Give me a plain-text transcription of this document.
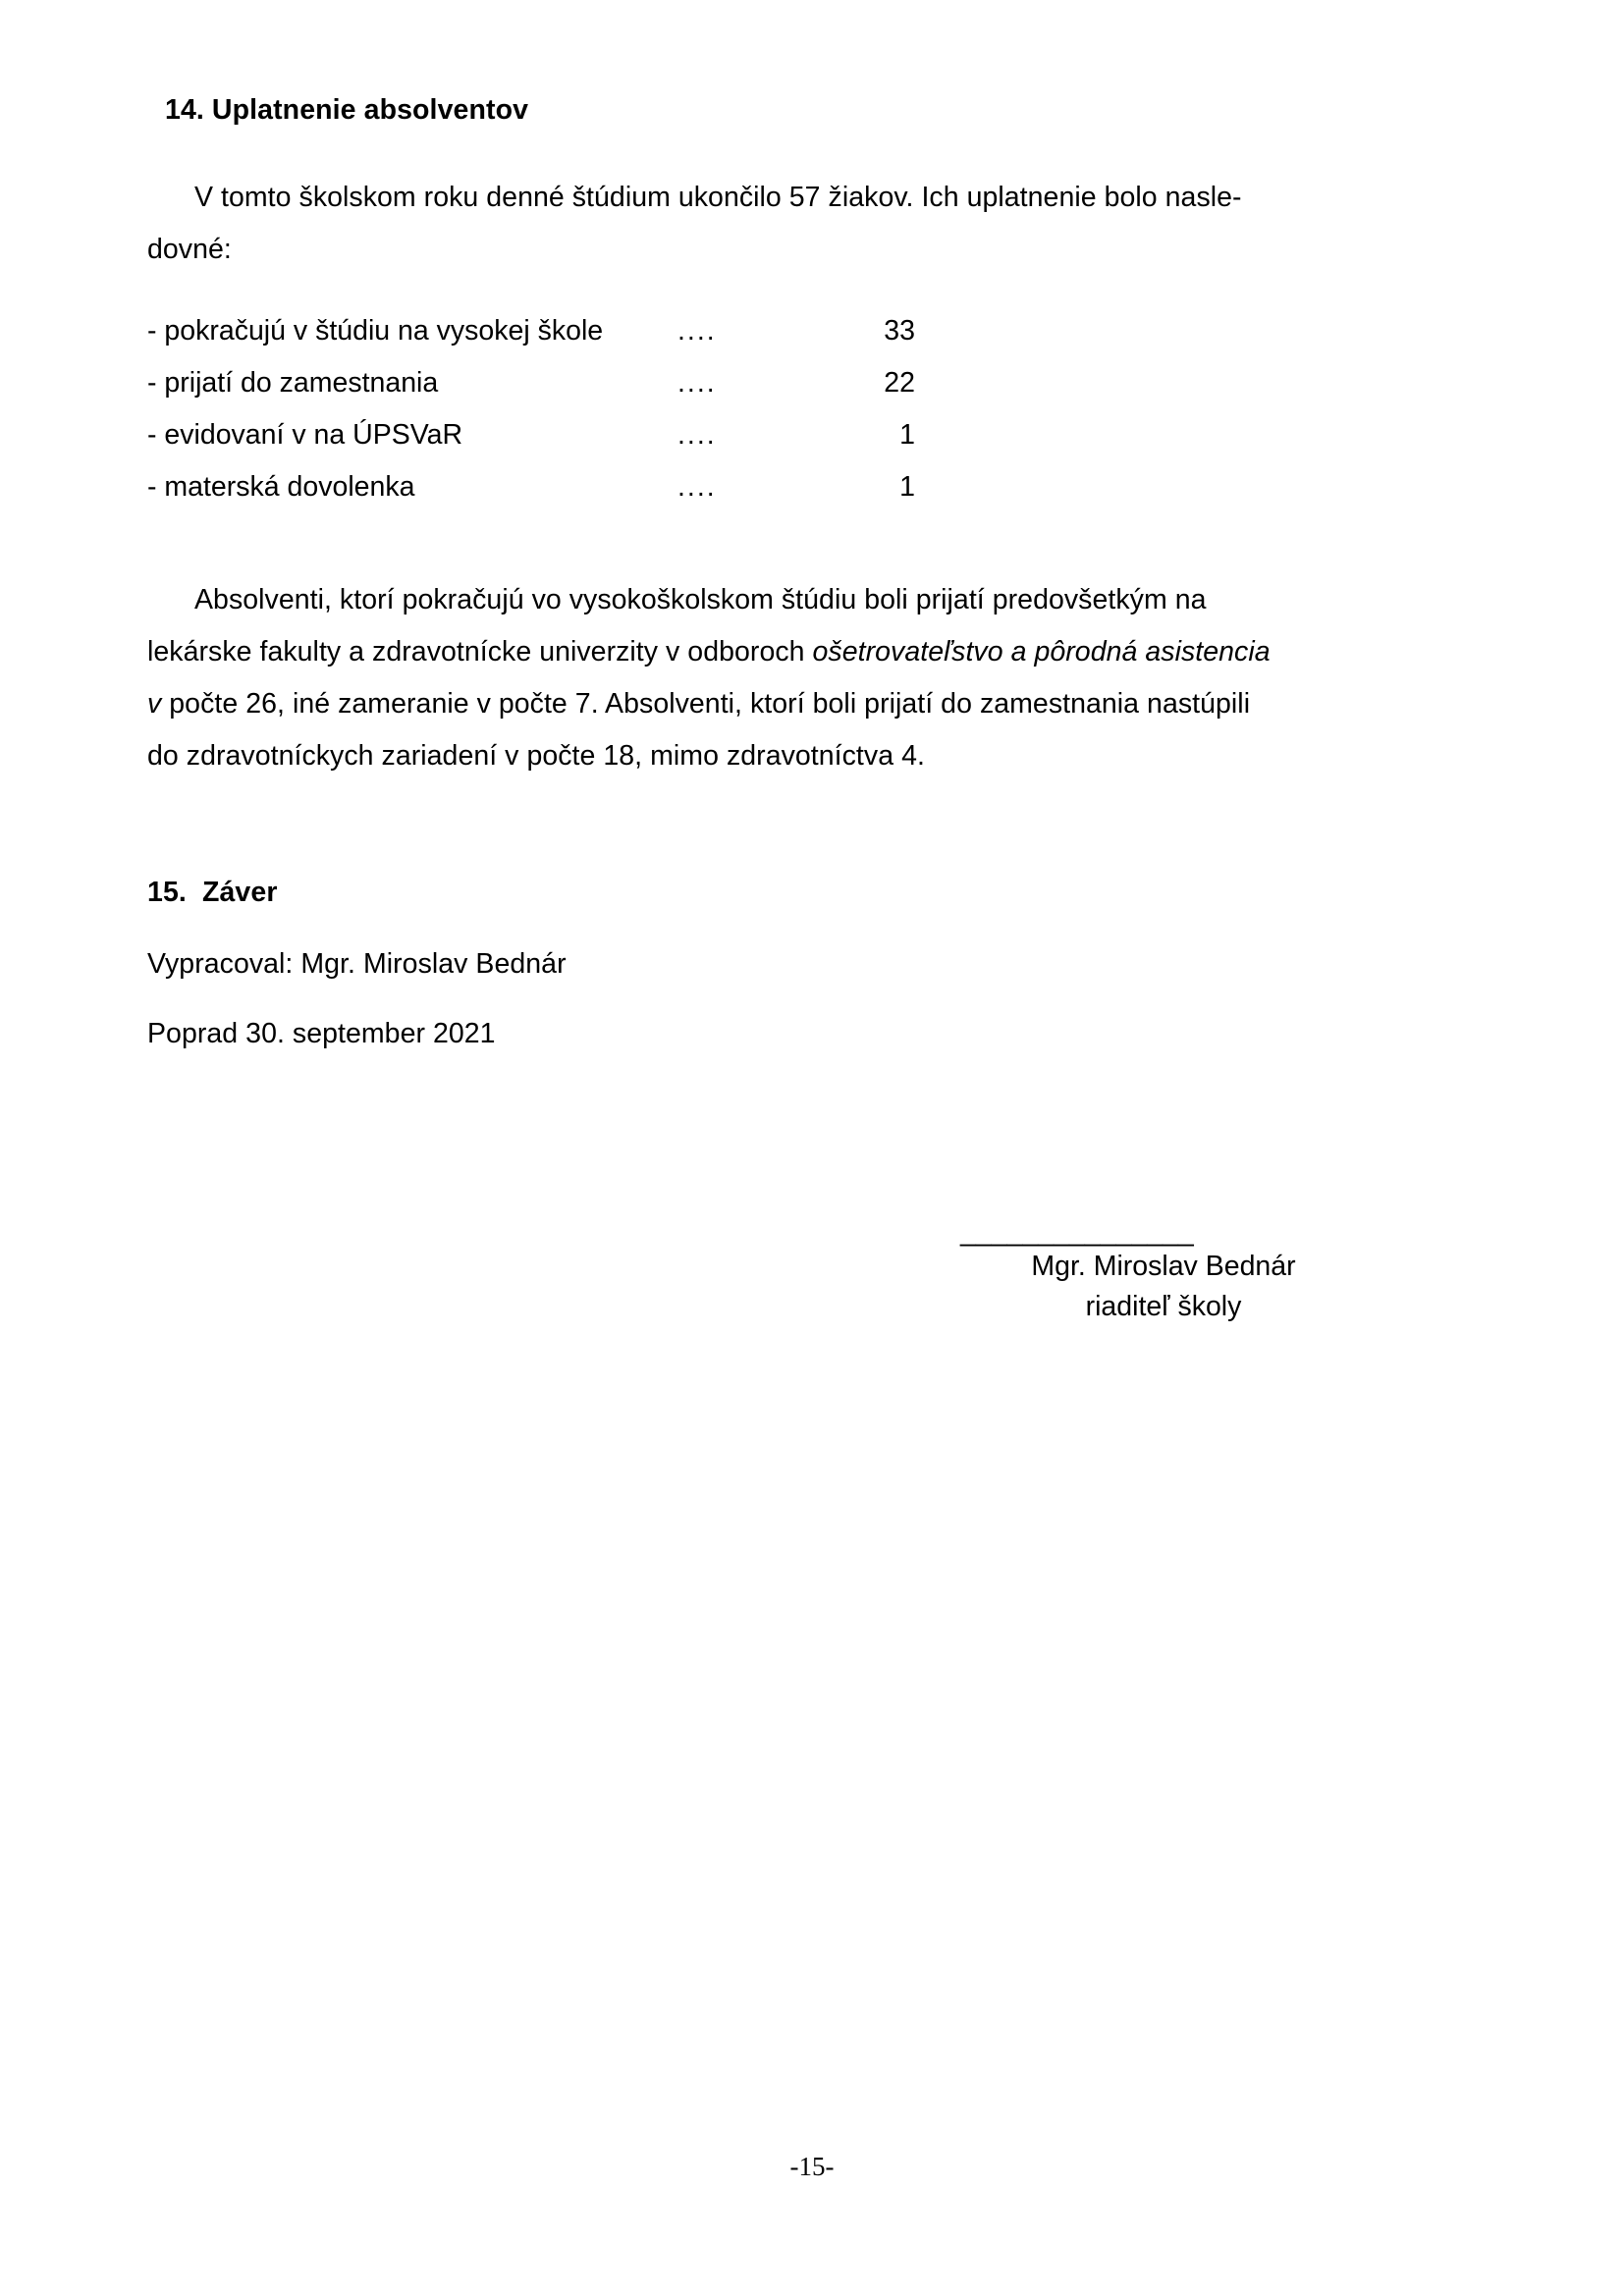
14. Uplatnenie absolventov
V tomto školskom roku denné štúdium ukončilo 57 žiakov. Ich uplatnenie bolo nasle-
dovné:
- pokračujú v štúdiu na vysokej škole	....	33
- prijatí do zamestnania	....	22
- evidovaní v na ÚPSVaR	....	1
- materská dovolenka	....	1
Absolventi, ktorí pokračujú vo vysokoškolskom štúdiu boli prijatí predovšetkým na
lekárske fakulty a zdravotnícke univerzity v odboroch ošetrovateľstvo a pôrodná asistencia
v počte 26, iné zameranie v počte 7. Absolventi, ktorí boli prijatí do zamestnania nastúpili
do zdravotníckych zariadení v počte 18, mimo zdravotníctva 4.
15.  Záver
Vypracoval: Mgr. Miroslav Bednár
Poprad 30. september 2021
_______________
Mgr. Miroslav Bednár
riaditeľ školy
-15-
